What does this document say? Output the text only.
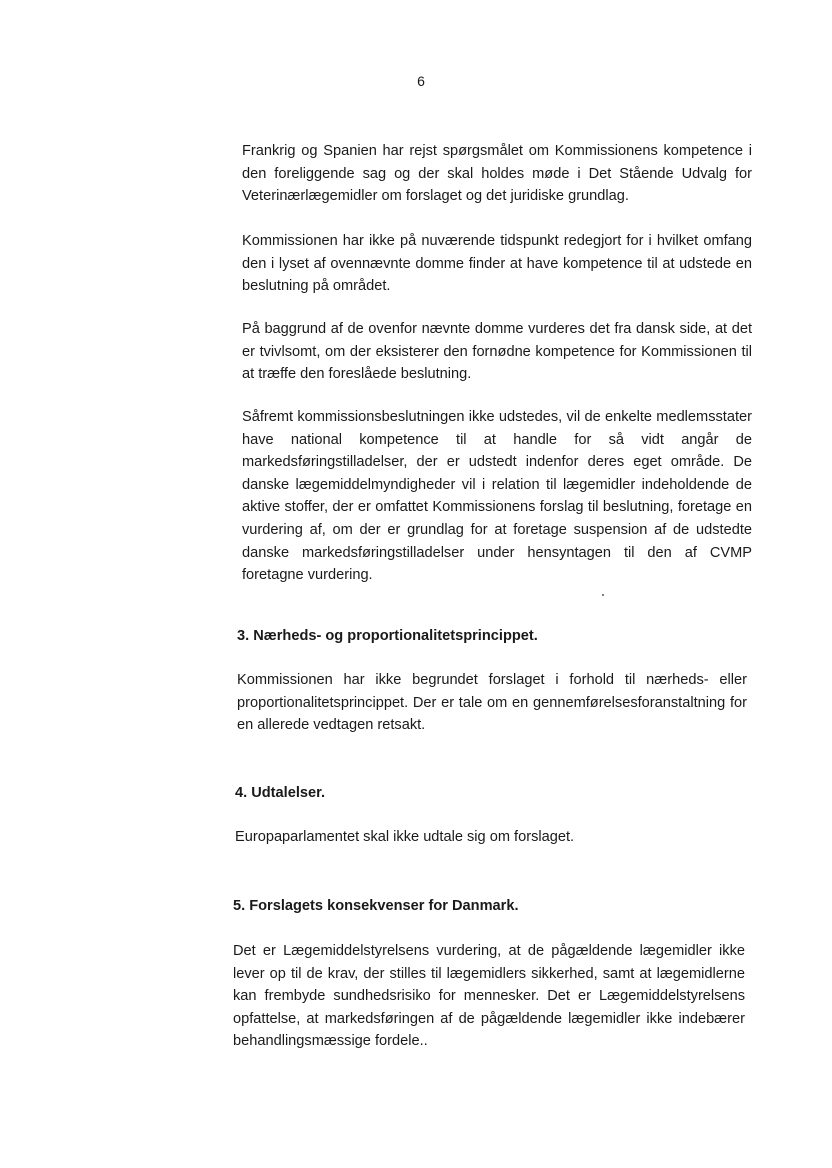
6

Frankrig og Spanien har rejst spørgsmålet om Kommissionens kompetence i den foreliggende sag og der skal holdes møde i Det Stående Udvalg for Veterinærlægemidler om forslaget og det juridiske grundlag.

Kommissionen har ikke på nuværende tidspunkt redegjort for i hvilket omfang den i lyset af ovennævnte domme finder at have kompetence til at udstede en beslutning på området.

På baggrund af de ovenfor nævnte domme vurderes det fra dansk side, at det er tvivlsomt, om der eksisterer den fornødne kompetence for Kommissionen til at træffe den foreslåede beslutning.

Såfremt kommissionsbeslutningen ikke udstedes, vil de enkelte medlemsstater have national kompetence til at handle for så vidt angår de markedsføringstilladelser, der er udstedt indenfor deres eget område. De danske lægemiddelmyndigheder vil i relation til lægemidler indeholdende de aktive stoffer, der er omfattet Kommissionens forslag til beslutning, foretage en vurdering af, om der er grundlag for at foretage suspension af de udstedte danske markedsføringstilladelser under hensyntagen til den af CVMP foretagne vurdering.

3. Nærheds- og proportionalitetsprincippet.

Kommissionen har ikke begrundet forslaget i forhold til nærheds- eller proportionalitetsprincippet. Der er tale om en gennemførelsesforanstaltning for en allerede vedtagen retsakt.

4. Udtalelser.

Europaparlamentet skal ikke udtale sig om forslaget.

5. Forslagets konsekvenser for Danmark.

Det er Lægemiddelstyrelsens vurdering, at de pågældende lægemidler ikke lever op til de krav, der stilles til lægemidlers sikkerhed, samt at lægemidlerne kan frembyde sundhedsrisiko for mennesker. Det er Lægemiddelstyrelsens opfattelse, at markedsføringen af de pågældende lægemidler ikke indebærer behandlingsmæssige fordele..
